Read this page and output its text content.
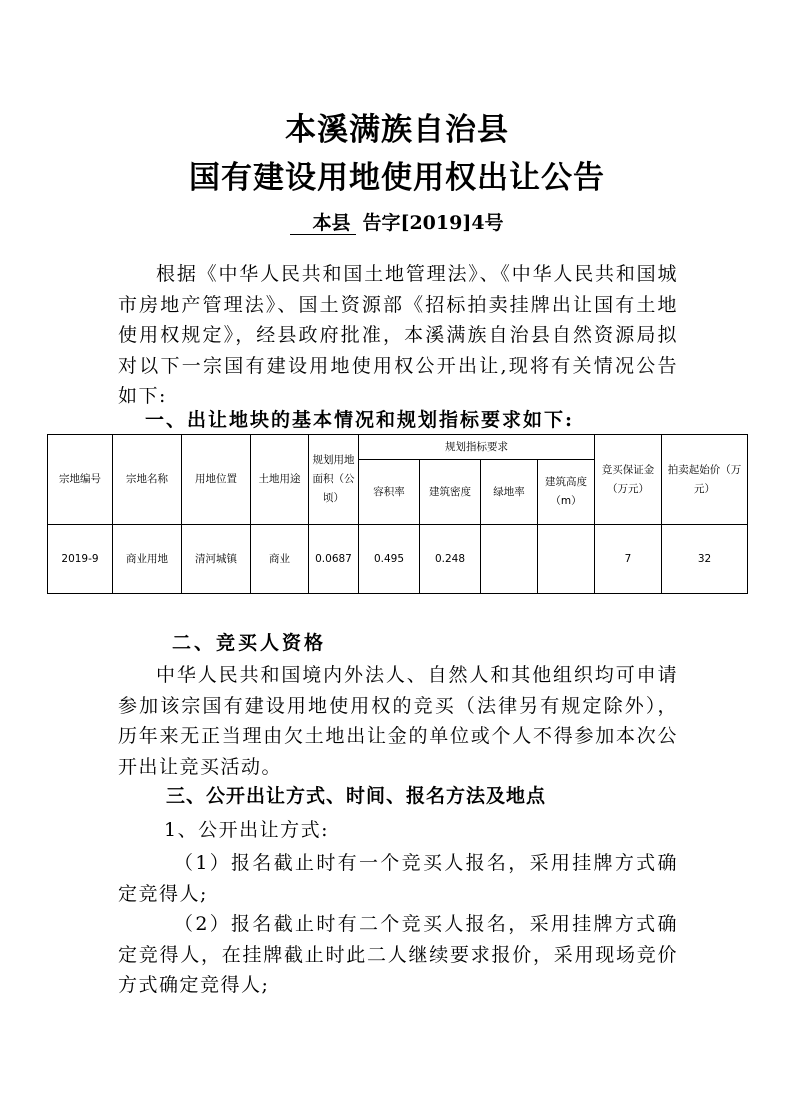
本溪满族自治县
国有建设用地使用权出让公告
本县 告字[2019]4号

根据《中华人民共和国土地管理法》、《中华人民共和国城市房地产管理法》、国土资源部《招标拍卖挂牌出让国有土地使用权规定》，经县政府批准，本溪满族自治县自然资源局拟对以下一宗国有建设用地使用权公开出让,现将有关情况公告如下:

一、出让地块的基本情况和规划指标要求如下:

宗地编号	宗地名称	用地位置	土地用途	规划用地面积（公顷）	规划指标要求				竞买保证金（万元）	拍卖起始价（万元）
					容积率	建筑密度	绿地率	建筑高度（m）		
2019-9	商业用地	清河城镇	商业	0.0687	0.495	0.248			7	32

二、竞买人资格

中华人民共和国境内外法人、自然人和其他组织均可申请参加该宗国有建设用地使用权的竞买（法律另有规定除外），历年来无正当理由欠土地出让金的单位或个人不得参加本次公开出让竞买活动。

三、公开出让方式、时间、报名方法及地点

1、公开出让方式:

（1）报名截止时有一个竞买人报名，采用挂牌方式确定竞得人;

（2）报名截止时有二个竞买人报名，采用挂牌方式确定竞得人，在挂牌截止时此二人继续要求报价，采用现场竞价方式确定竞得人;
